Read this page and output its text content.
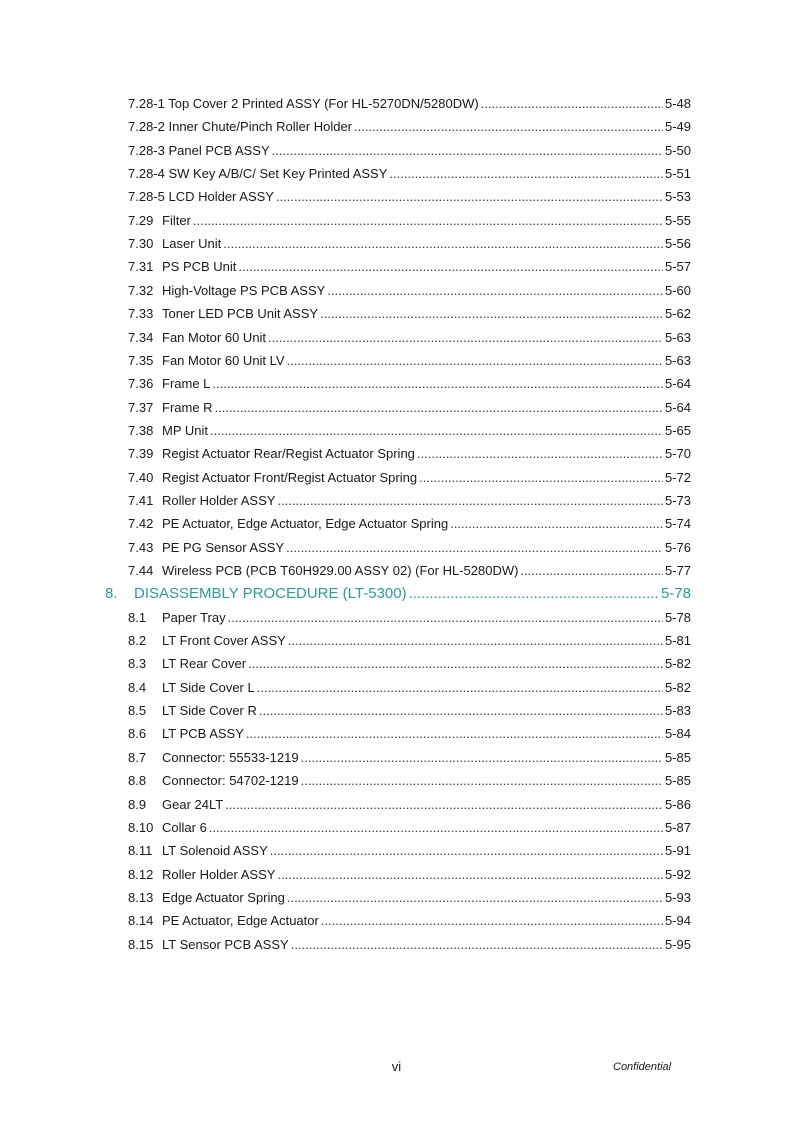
7.28-1 Top Cover 2 Printed ASSY (For HL-5270DN/5280DW) .....	5-48
7.28-2 Inner Chute/Pinch Roller Holder .....	5-49
7.28-3 Panel PCB ASSY .....	5-50
7.28-4 SW Key A/B/C/ Set Key Printed ASSY .....	5-51
7.28-5 LCD Holder ASSY .....	5-53
7.29 Filter .....	5-55
7.30 Laser Unit .....	5-56
7.31 PS PCB Unit .....	5-57
7.32 High-Voltage PS PCB ASSY .....	5-60
7.33 Toner LED PCB Unit ASSY .....	5-62
7.34 Fan Motor 60 Unit .....	5-63
7.35 Fan Motor 60 Unit LV .....	5-63
7.36 Frame L .....	5-64
7.37 Frame R .....	5-64
7.38 MP Unit .....	5-65
7.39 Regist Actuator Rear/Regist Actuator Spring .....	5-70
7.40 Regist Actuator Front/Regist Actuator Spring .....	5-72
7.41 Roller Holder ASSY .....	5-73
7.42 PE Actuator, Edge Actuator, Edge Actuator Spring .....	5-74
7.43 PE PG Sensor ASSY .....	5-76
7.44 Wireless PCB (PCB T60H929.00 ASSY 02) (For HL-5280DW) .....	5-77
8. DISASSEMBLY PROCEDURE (LT-5300) .....	5-78
8.1 Paper Tray .....	5-78
8.2 LT Front Cover ASSY .....	5-81
8.3 LT Rear Cover .....	5-82
8.4 LT Side Cover L .....	5-82
8.5 LT Side Cover R .....	5-83
8.6 LT PCB ASSY .....	5-84
8.7 Connector: 55533-1219 .....	5-85
8.8 Connector: 54702-1219 .....	5-85
8.9 Gear 24LT .....	5-86
8.10 Collar 6 .....	5-87
8.11 LT Solenoid ASSY .....	5-91
8.12 Roller Holder ASSY .....	5-92
8.13 Edge Actuator Spring .....	5-93
8.14 PE Actuator, Edge Actuator .....	5-94
8.15 LT Sensor PCB ASSY .....	5-95
vi	Confidential
